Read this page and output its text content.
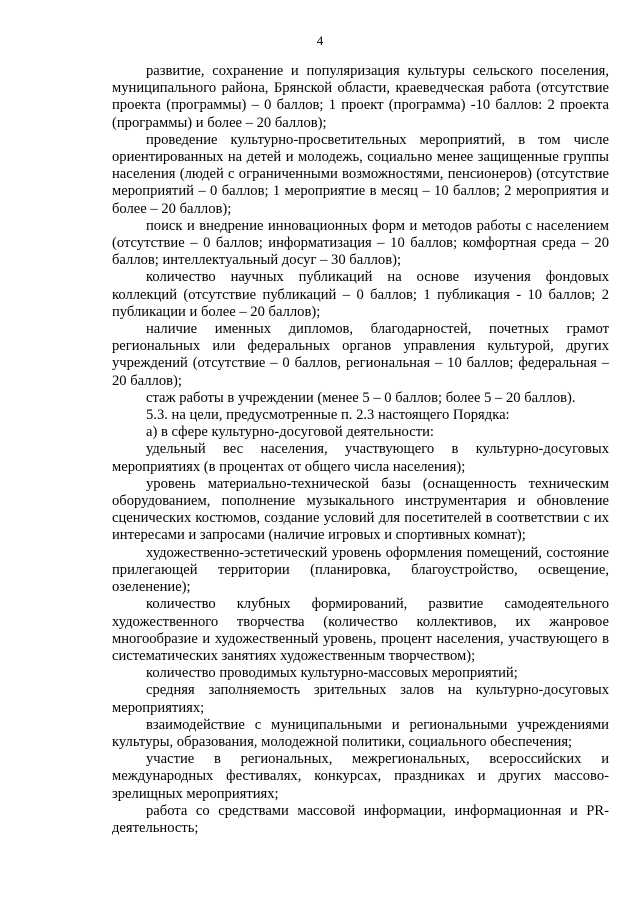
4

развитие, сохранение и популяризация культуры сельского поселения, муниципального района, Брянской области, краеведческая работа (отсутствие проекта (программы) – 0 баллов; 1 проект (программа) -10 баллов: 2 проекта (программы) и более – 20 баллов);

проведение культурно-просветительных мероприятий, в том числе ориентированных на детей и молодежь, социально менее защищенные группы населения (людей с ограниченными возможностями, пенсионеров) (отсутствие мероприятий – 0 баллов; 1 мероприятие в месяц – 10 баллов; 2 мероприятия и более – 20 баллов);

поиск и внедрение инновационных форм и методов работы с населением (отсутствие – 0 баллов; информатизация – 10 баллов; комфортная среда – 20 баллов; интеллектуальный досуг – 30 баллов);

количество научных публикаций на основе изучения фондовых коллекций (отсутствие публикаций – 0 баллов; 1 публикация - 10 баллов; 2 публикации и более – 20 баллов);

наличие именных дипломов, благодарностей, почетных грамот региональных или федеральных органов управления культурой, других учреждений (отсутствие – 0 баллов, региональная – 10 баллов; федеральная – 20 баллов);

стаж работы в учреждении (менее 5 – 0 баллов; более 5 – 20 баллов).

5.3. на цели, предусмотренные п. 2.3 настоящего Порядка:

а) в сфере культурно-досуговой деятельности:

удельный вес населения, участвующего в культурно-досуговых мероприятиях (в процентах от общего числа населения);

уровень материально-технической базы (оснащенность техническим оборудованием, пополнение музыкального инструментария и обновление сценических костюмов, создание условий для посетителей в соответствии с их интересами и запросами (наличие игровых и спортивных комнат);

художественно-эстетический уровень оформления помещений, состояние прилегающей территории (планировка, благоустройство, освещение, озеленение);

количество клубных формирований, развитие самодеятельного художественного творчества (количество коллективов, их жанровое многообразие и художественный уровень, процент населения, участвующего в систематических занятиях художественным творчеством);

количество проводимых культурно-массовых мероприятий;

средняя заполняемость зрительных залов на культурно-досуговых мероприятиях;

взаимодействие с муниципальными и региональными учреждениями культуры, образования, молодежной политики, социального обеспечения;

участие в региональных, межрегиональных, всероссийских и международных фестивалях, конкурсах, праздниках и других массово-зрелищных мероприятиях;

работа со средствами массовой информации, информационная и PR-деятельность;
